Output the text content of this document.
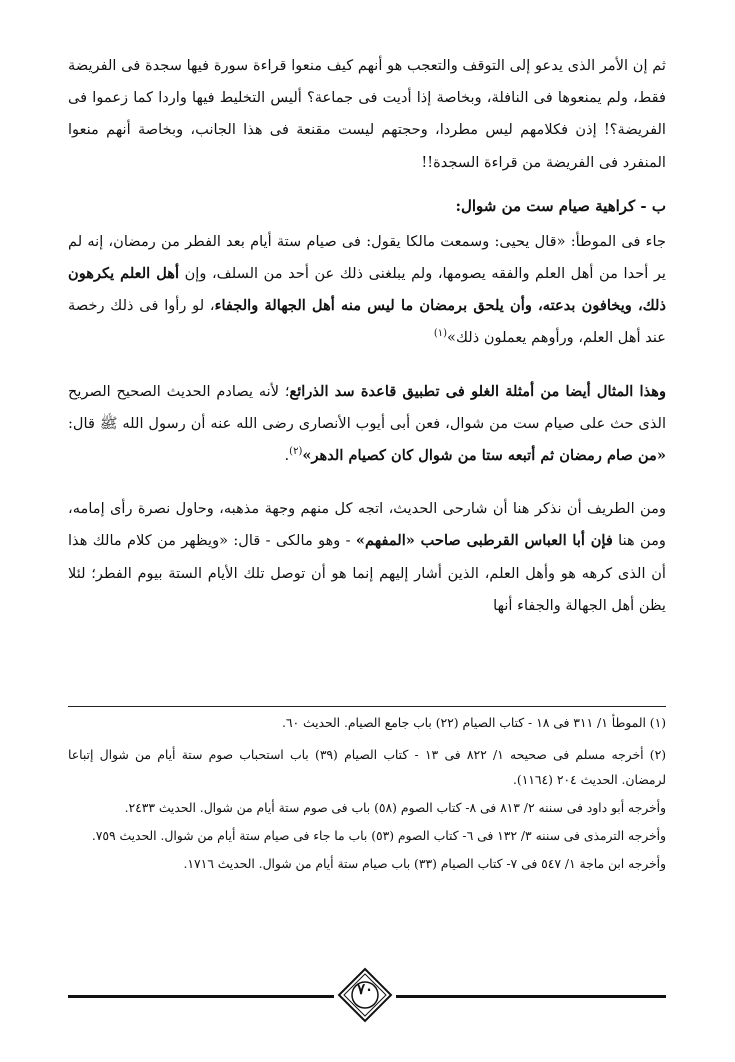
ثم إن الأمر الذى يدعو إلى التوقف والتعجب هو أنهم كيف منعوا قراءة سورة فيها سجدة فى الفريضة فقط، ولم يمنعوها فى النافلة، وبخاصة إذا أديت فى جماعة؟ أليس التخليط فيها واردا كما زعموا فى الفريضة؟! إذن فكلامهم ليس مطردا، وحجتهم ليست مقنعة فى هذا الجانب، وبخاصة أنهم منعوا المنفرد فى الفريضة من قراءة السجدة!!

ب - كراهية صيام ست من شوال:

جاء فى الموطأ: «قال يحيى: وسمعت مالكا يقول: فى صيام ستة أيام بعد الفطر من رمضان، إنه لم ير أحدا من أهل العلم والفقه يصومها، ولم يبلغنى ذلك عن أحد من السلف، وإن أهل العلم يكرهون ذلك، ويخافون بدعته، وأن يلحق برمضان ما ليس منه أهل الجهالة والجفاء، لو رأوا فى ذلك رخصة عند أهل العلم، ورأوهم يعملون ذلك»$^{(١)}$

وهذا المثال أيضا من أمثلة الغلو فى تطبيق قاعدة سد الذرائع؛ لأنه يصادم الحديث الصحيح الصريح الذى حث على صيام ست من شوال، فعن أبى أيوب الأنصارى رضى الله عنه أن رسول الله ﷺ قال: «من صام رمضان ثم أتبعه ستا من شوال كان كصيام الدهر»$^{(٢)}$.

ومن الطريف أن نذكر هنا أن شارحى الحديث، اتجه كل منهم وجهة مذهبه، وحاول نصرة رأى إمامه، ومن هنا فإن أبا العباس القرطبى صاحب «المفهم» - وهو مالكى - قال: «ويظهر من كلام مالك هذا أن الذى كرهه هو وأهل العلم، الذين أشار إليهم إنما هو أن توصل تلك الأيام الستة بيوم الفطر؛ لئلا يظن أهل الجهالة والجفاء أنها

(١) الموطأ ١/ ٣١١ فى ١٨ - كتاب الصيام (٢٢) باب جامع الصيام. الحديث ٦٠.

(٢) أخرجه مسلم فى صحيحه ١/ ٨٢٢ فى ١٣ - كتاب الصيام (٣٩) باب استحباب صوم ستة أيام من شوال إتباعا لرمضان. الحديث ٢٠٤ (١١٦٤).

وأخرجه أبو داود فى سننه ٢/ ٨١٣ فى ٨- كتاب الصوم (٥٨) باب فى صوم ستة أيام من شوال. الحديث ٢٤٣٣.

وأخرجه الترمذى فى سننه ٣/ ١٣٢ فى ٦- كتاب الصوم (٥٣) باب ما جاء فى صيام ستة أيام من شوال. الحديث ٧٥٩.

وأخرجه ابن ماجة ١/ ٥٤٧ فى ٧- كتاب الصيام (٣٣) باب صيام ستة أيام من شوال. الحديث ١٧١٦.

٧٠
